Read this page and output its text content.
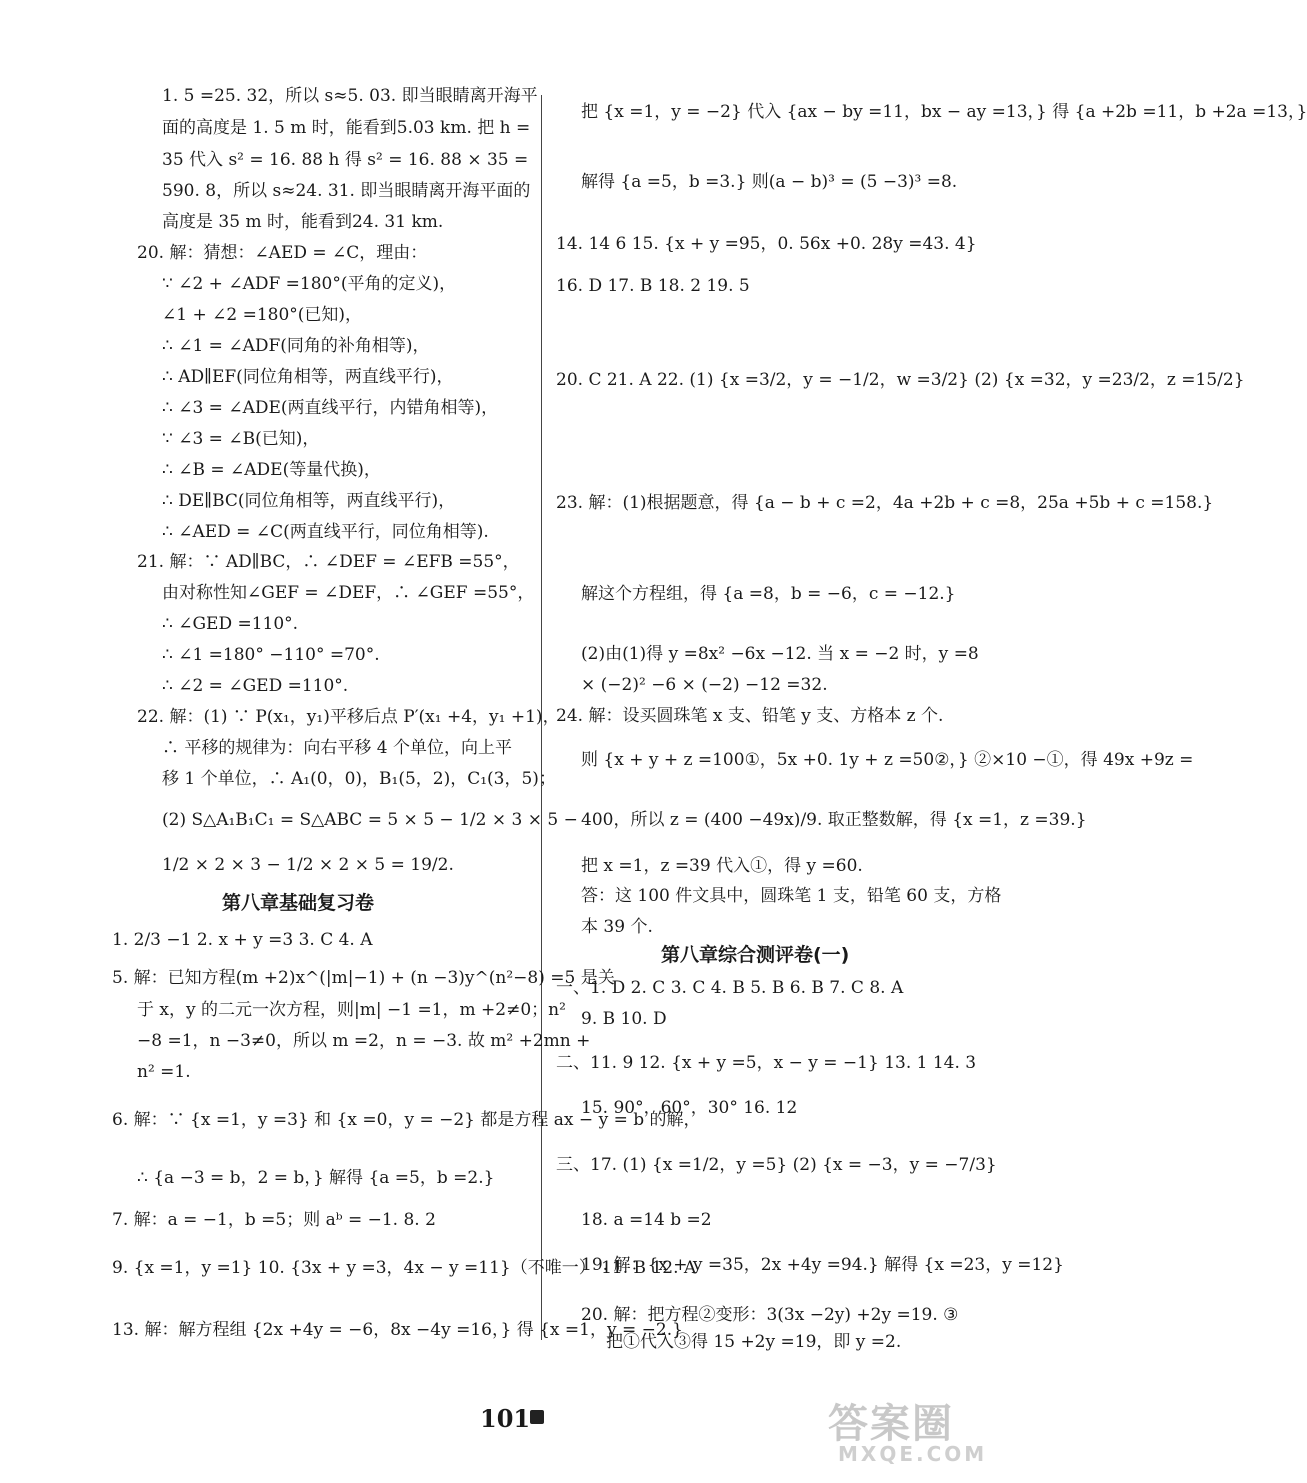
1. 5 =25. 32，所以 s≈5. 03. 即当眼睛离开海平
面的高度是 1. 5 m 时，能看到5.03 km. 把 h =
35 代入 s² = 16. 88 h 得 s² = 16. 88 × 35 =
590. 8，所以 s≈24. 31. 即当眼睛离开海平面的
高度是 35 m 时，能看到24. 31 km.
20. 解：猜想：∠AED = ∠C，理由：
∵ ∠2 + ∠ADF =180°(平角的定义)，
∠1 + ∠2 =180°(已知)，
∴ ∠1 = ∠ADF(同角的补角相等)，
∴ AD∥EF(同位角相等，两直线平行)，
∴ ∠3 = ∠ADE(两直线平行，内错角相等)，
∵ ∠3 = ∠B(已知)，
∴ ∠B = ∠ADE(等量代换)，
∴ DE∥BC(同位角相等，两直线平行)，
∴ ∠AED = ∠C(两直线平行，同位角相等).
21. 解：∵ AD∥BC，∴ ∠DEF = ∠EFB =55°，
由对称性知∠GEF = ∠DEF，∴ ∠GEF =55°，
∴ ∠GED =110°.
∴ ∠1 =180° −110° =70°.
∴ ∠2 = ∠GED =110°.
22. 解：(1) ∵ P(x₁，y₁)平移后点 P′(x₁ +4，y₁ +1)，
∴ 平移的规律为：向右平移 4 个单位，向上平
移 1 个单位，∴ A₁(0，0)，B₁(5，2)，C₁(3，5)；
(2) S△A₁B₁C₁ = S△ABC = 5 × 5 − 1/2 × 3 × 5 −
1/2 × 2 × 3 − 1/2 × 2 × 5 = 19/2.
1. 2/3 −1 2. x + y =3 3. C 4. A
5. 解：已知方程(m +2)x^(|m|−1) + (n −3)y^(n²−8) =5 是关
于 x，y 的二元一次方程，则|m| −1 =1，m +2≠0；n²
−8 =1，n −3≠0，所以 m =2，n = −3. 故 m² +2mn +
n² =1.
6. 解：∵ {x =1，y =3} 和 {x =0，y = −2} 都是方程 ax − y = b 的解，
∴ {a −3 = b，2 = b，} 解得 {a =5，b =2.}
7. 解：a = −1，b =5；则 aᵇ = −1. 8. 2
9. {x =1，y =1} 10. {3x + y =3，4x − y =11}（不唯一） 11. B 12. A
13. 解：解方程组 {2x +4y = −6，8x −4y =16，} 得 {x =1，y = −2.}
第八章基础复习卷
把 {x =1，y = −2} 代入 {ax − by =11，bx − ay =13，} 得 {a +2b =11，b +2a =13，}
解得 {a =5，b =3.} 则(a − b)³ = (5 −3)³ =8.
14. 14 6 15. {x + y =95，0. 56x +0. 28y =43. 4}
16. D 17. B 18. 2 19. 5
20. C 21. A 22. (1) {x =3/2，y = −1/2，w =3/2} (2) {x =32，y =23/2，z =15/2}
23. 解：(1)根据题意，得 {a − b + c =2，4a +2b + c =8，25a +5b + c =158.}
解这个方程组，得 {a =8，b = −6，c = −12.}
(2)由(1)得 y =8x² −6x −12. 当 x = −2 时，y =8
× (−2)² −6 × (−2) −12 =32.
24. 解：设买圆珠笔 x 支、铅笔 y 支、方格本 z 个.
则 {x + y + z =100①，5x +0. 1y + z =50②，} ②×10 −①，得 49x +9z =
400，所以 z = (400 −49x)/9. 取正整数解，得 {x =1，z =39.}
把 x =1，z =39 代入①，得 y =60.
答：这 100 件文具中，圆珠笔 1 支，铅笔 60 支，方格
本 39 个.
一、1. D 2. C 3. C 4. B 5. B 6. B 7. C 8. A
9. B 10. D
二、11. 9 12. {x + y =5，x − y = −1} 13. 1 14. 3
15. 90°，60°，30° 16. 12
三、17. (1) {x =1/2，y =5} (2) {x = −3，y = −7/3}
18. a =14 b =2
19. 解：{x + y =35，2x +4y =94.} 解得 {x =23，y =12}
20. 解：把方程②变形：3(3x −2y) +2y =19. ③
把①代入③得 15 +2y =19，即 y =2.
第八章综合测评卷(一)
101	答案圈
MXQE.COM
